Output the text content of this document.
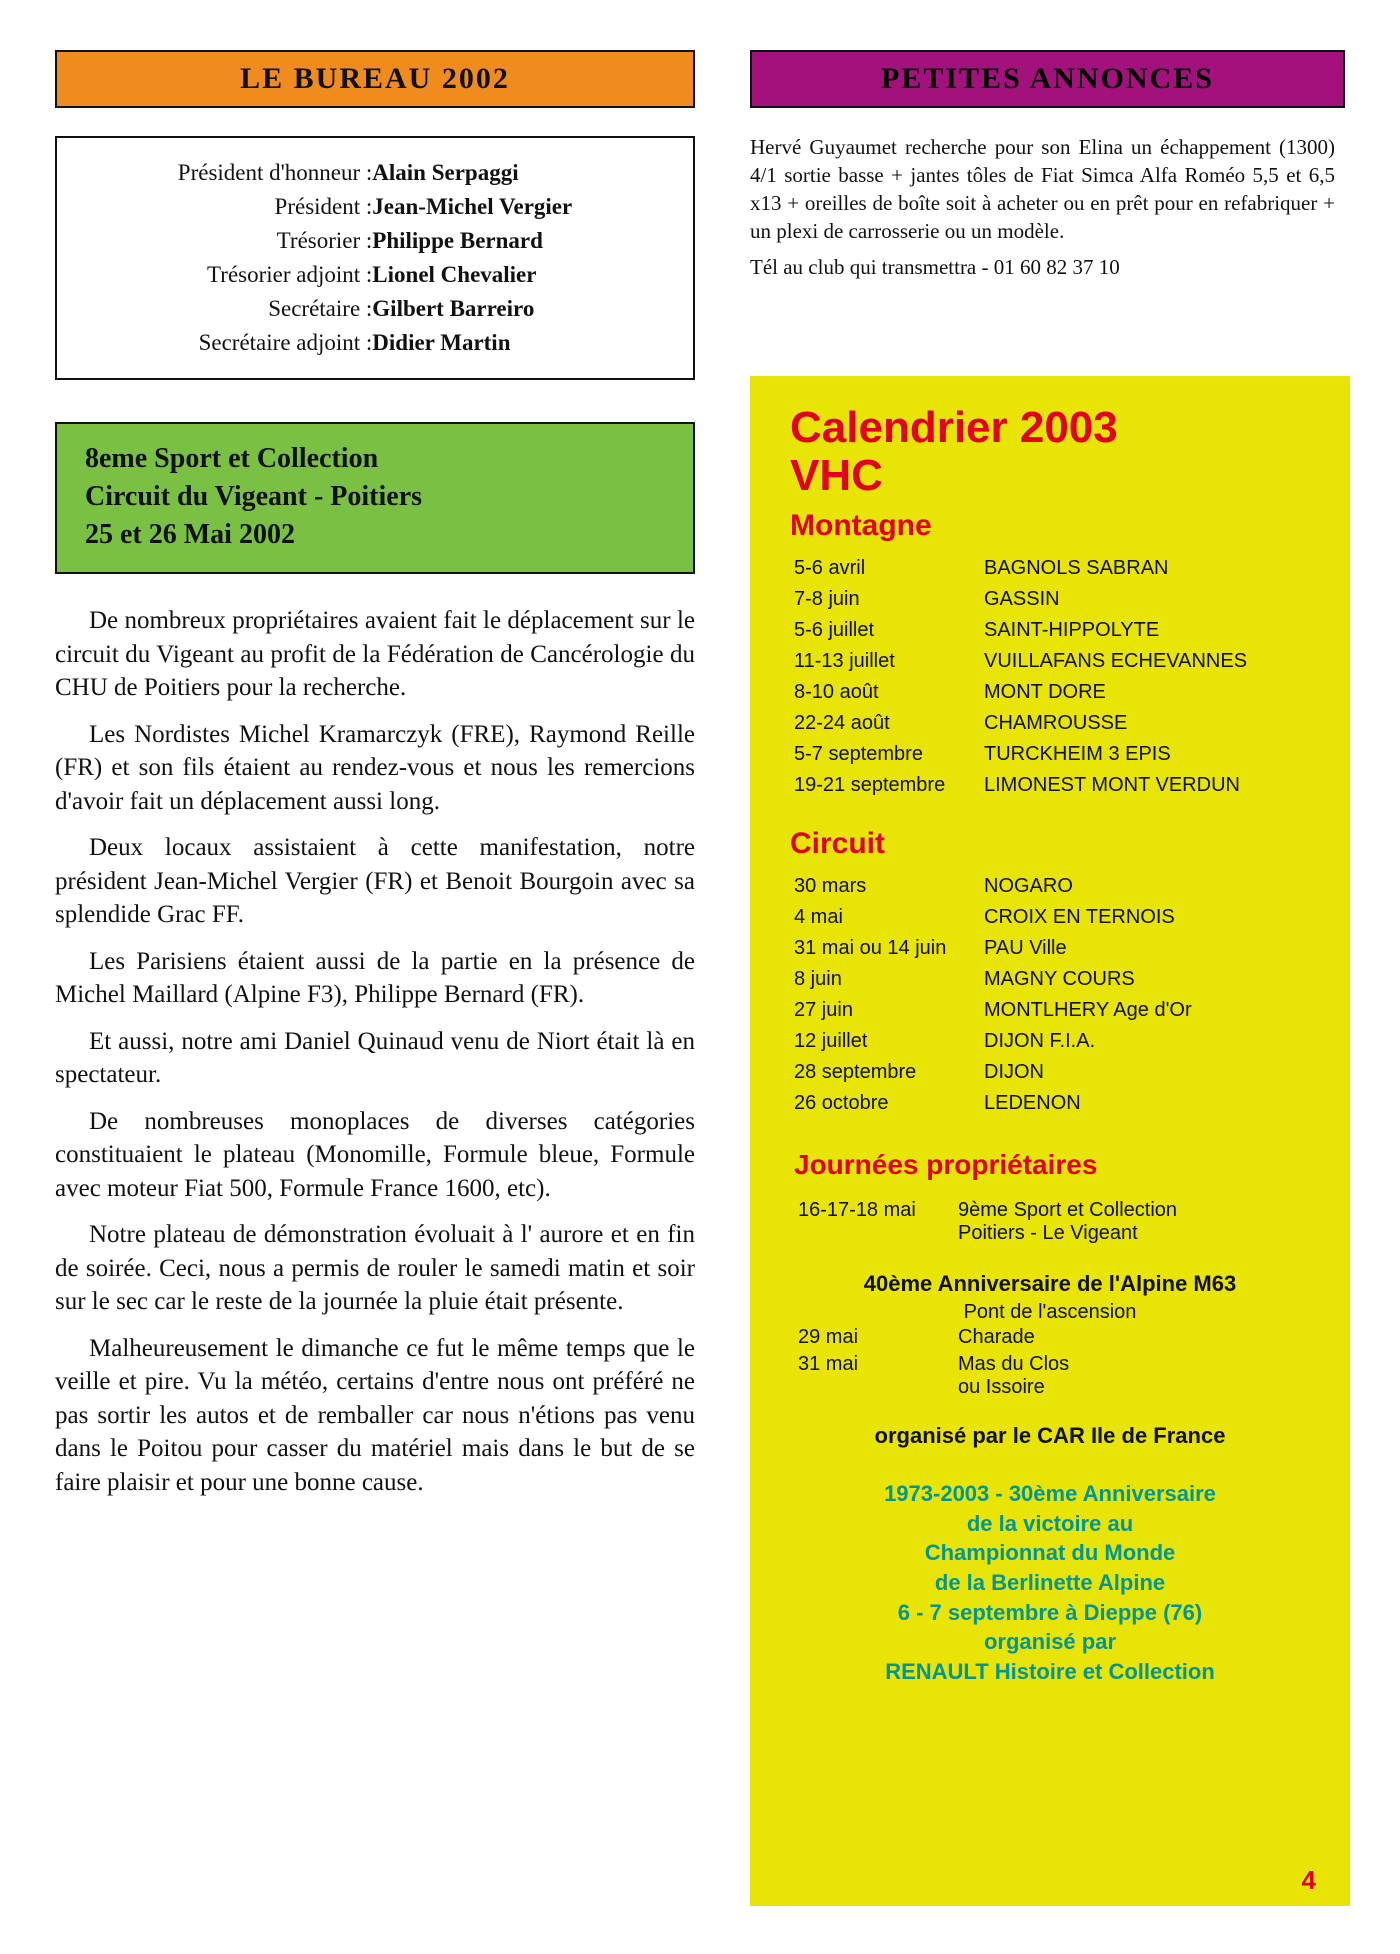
LE BUREAU 2002
Président d'honneur :	Alain Serpaggi
Président :	Jean-Michel Vergier
Trésorier :	Philippe Bernard
Trésorier adjoint :	Lionel Chevalier
Secrétaire :	Gilbert Barreiro
Secrétaire adjoint :	Didier Martin
8eme Sport et Collection
Circuit du Vigeant - Poitiers
25 et 26 Mai 2002

De nombreux propriétaires avaient fait le déplacement sur le circuit du Vigeant au profit de la Fédération de Cancérologie du CHU de Poitiers pour la recherche.

Les Nordistes Michel Kramarczyk (FRE), Raymond Reille (FR) et son fils étaient au rendez-vous et nous les remercions d'avoir fait un déplacement aussi long.

Deux locaux assistaient à cette manifestation, notre président Jean-Michel Vergier (FR) et Benoit Bourgoin avec sa splendide Grac FF.

Les Parisiens étaient aussi de la partie en la présence de Michel Maillard (Alpine F3), Philippe Bernard (FR).

Et aussi, notre ami Daniel Quinaud venu de Niort était là en spectateur.

De nombreuses monoplaces de diverses catégories constituaient le plateau (Monomille, Formule bleue, Formule avec moteur Fiat 500, Formule France 1600, etc).

Notre plateau de démonstration évoluait à l' aurore et en fin de soirée. Ceci, nous a permis de rouler le samedi matin et soir sur le sec car le reste de la journée la pluie était présente.

Malheureusement le dimanche ce fut le même temps que le veille et pire. Vu la météo, certains d'entre nous ont préféré ne pas sortir les autos et de remballer car nous n'étions pas venu dans le Poitou pour casser du matériel mais dans le but de se faire plaisir et pour une bonne cause.

PETITES ANNONCES

Hervé Guyaumet recherche pour son Elina un échappement (1300) 4/1 sortie basse + jantes tôles de Fiat Simca Alfa Roméo 5,5 et 6,5 x13 + oreilles de boîte soit à acheter ou en prêt pour en refabriquer + un plexi de carrosserie ou un modèle.

Tél au club qui transmettra - 01 60 82 37 10

Calendrier 2003
VHC
Montagne
5-6 avril	BAGNOLS SABRAN
7-8 juin	GASSIN
5-6 juillet	SAINT-HIPPOLYTE
11-13 juillet	VUILLAFANS ECHEVANNES
8-10 août	MONT DORE
22-24 août	CHAMROUSSE
5-7 septembre	TURCKHEIM 3 EPIS
19-21 septembre	LIMONEST MONT VERDUN
Circuit
30 mars	NOGARO
4 mai	CROIX EN TERNOIS
31 mai ou 14 juin	PAU Ville
8 juin	MAGNY COURS
27 juin	MONTLHERY Age d'Or
12 juillet	DIJON F.I.A.
28 septembre	DIJON
26 octobre	LEDENON
Journées propriétaires
16-17-18 mai	9ème Sport et Collection
Poitiers - Le Vigeant
40ème Anniversaire de l'Alpine M63
Pont de l'ascension
29 mai	Charade
31 mai	Mas du Clos
ou Issoire
organisé par le CAR Ile de France
1973-2003 - 30ème Anniversaire
de la victoire au
Championnat du Monde
de la Berlinette Alpine
6 - 7 septembre à Dieppe (76)
organisé par
RENAULT Histoire et Collection
4
